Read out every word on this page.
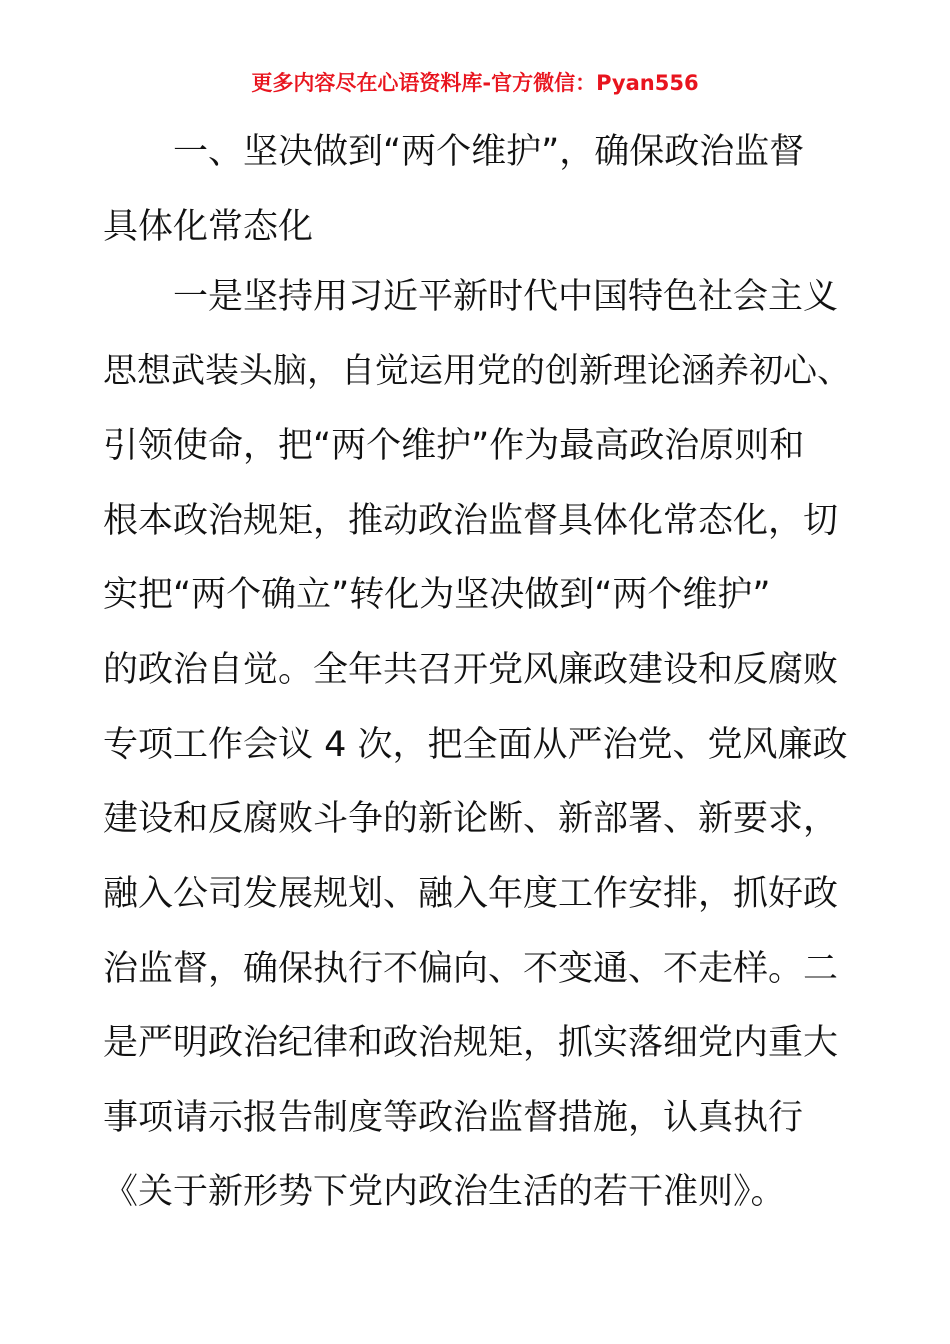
更多内容尽在心语资料库-官方微信：Pyan556
　　一、坚决做到“两个维护”，确保政治监督
具体化常态化
　　一是坚持用习近平新时代中国特色社会主义
思想武装头脑，自觉运用党的创新理论涵养初心、
引领使命，把“两个维护”作为最高政治原则和
根本政治规矩，推动政治监督具体化常态化，切
实把“两个确立”转化为坚决做到“两个维护”
的政治自觉。全年共召开党风廉政建设和反腐败
专项工作会议 4 次，把全面从严治党、党风廉政
建设和反腐败斗争的新论断、新部署、新要求，
融入公司发展规划、融入年度工作安排，抓好政
治监督，确保执行不偏向、不变通、不走样。二
是严明政治纪律和政治规矩，抓实落细党内重大
事项请示报告制度等政治监督措施，认真执行
《关于新形势下党内政治生活的若干准则》。
